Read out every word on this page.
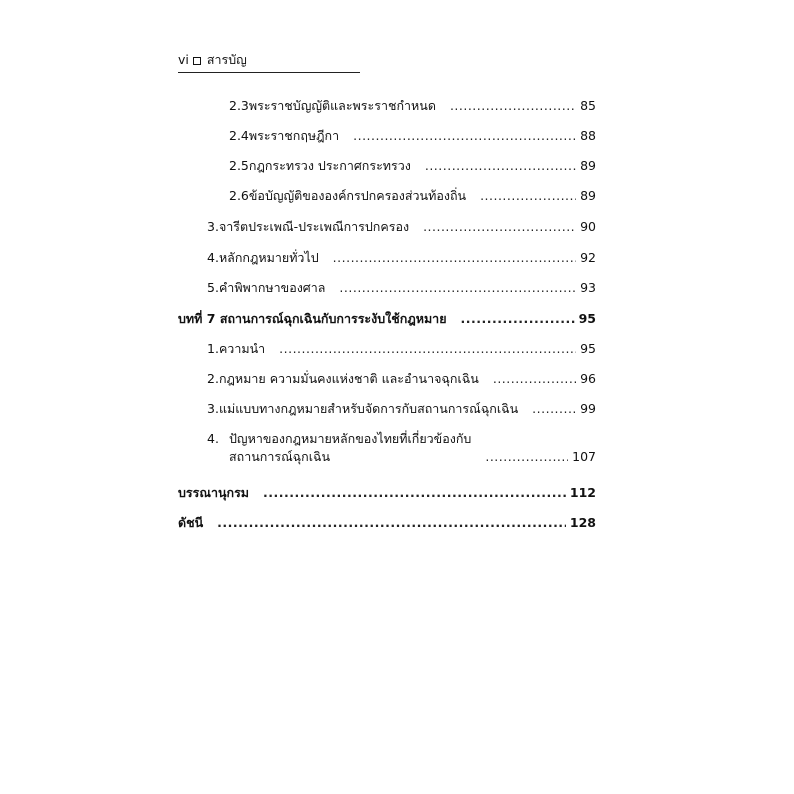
vi สารบัญ
2.3 พระราชบัญญัติและพระราชกำหนด .....	85
2.4 พระราชกฤษฎีกา .....	88
2.5 กฎกระทรวง ประกาศกระทรวง .....	89
2.6 ข้อบัญญัติขององค์กรปกครองส่วนท้องถิ่น .....	89
3. จารีตประเพณี-ประเพณีการปกครอง .....	90
4. หลักกฎหมายทั่วไป .....	92
5. คำพิพากษาของศาล .....	93
บทที่ 7 สถานการณ์ฉุกเฉินกับการระงับใช้กฎหมาย .....	95
1. ความนำ .....	95
2. กฎหมาย ความมั่นคงแห่งชาติ และอำนาจฉุกเฉิน .....	96
3. แม่แบบทางกฎหมายสำหรับจัดการกับสถานการณ์ฉุกเฉิน .....	99
4. ปัญหาของกฎหมายหลักของไทยที่เกี่ยวข้องกับ
สถานการณ์ฉุกเฉิน .....	107
บรรณานุกรม .....	112
ดัชนี .....	128
